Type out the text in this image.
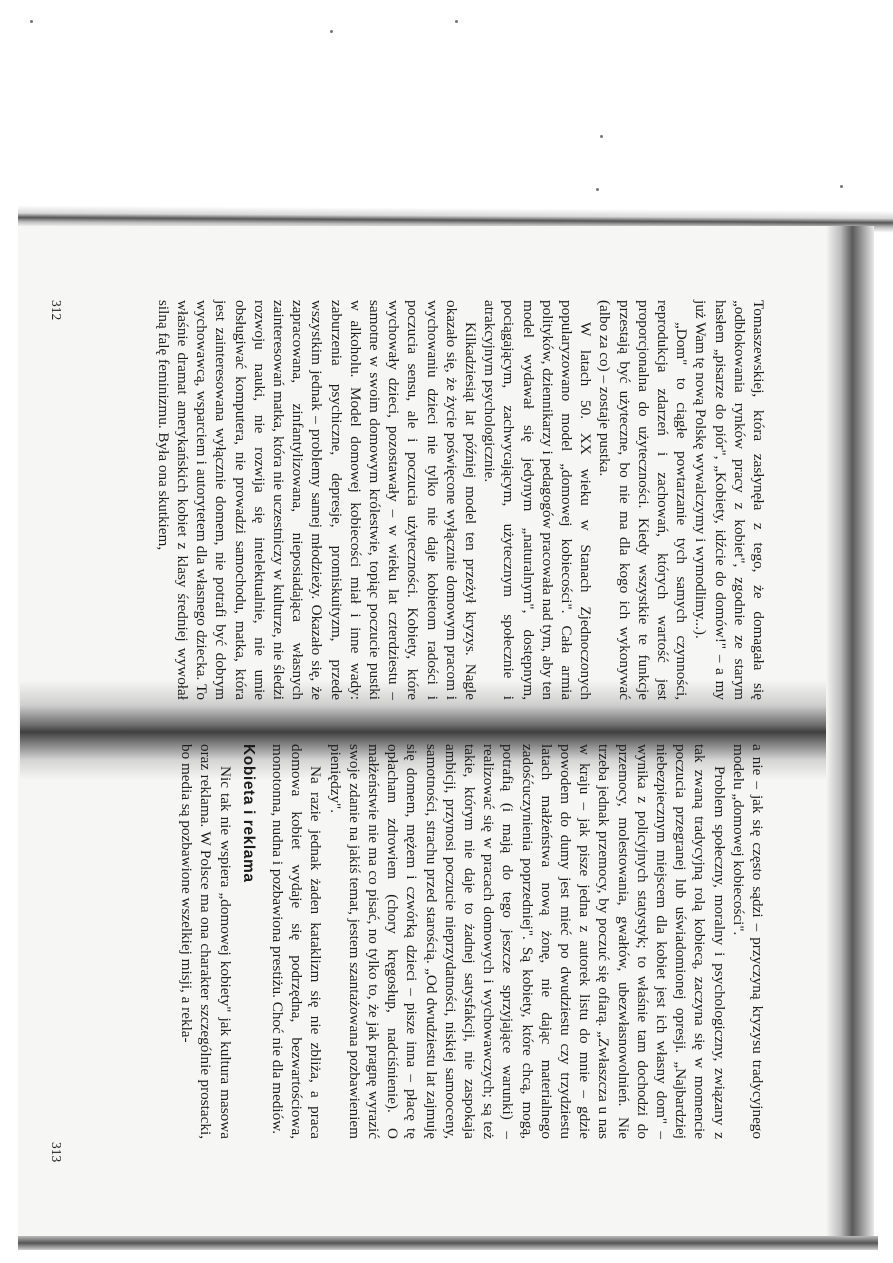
Tomaszewskiej, która zasłynęła z tego, że domagała się „odblokowania rynków pracy z kobiet", zgodnie ze starym hasłem „pisarze do piór", „Kobiety, idźcie do domów!" – a my już Wam tę nową Polskę wywalczymy i wymodlimy...).

„Dom" to ciągłe powtarzanie tych samych czynności, reprodukcja zdarzeń i zachowań, których wartość jest proporcjonalna do użyteczności. Kiedy wszystkie te funkcje przestają być użyteczne, bo nie ma dla kogo ich wykonywać (albo za co) – zostaje pustka.

W latach 50. XX wieku w Stanach Zjednoczonych popularyzowano model „domowej kobiecości". Cała armia polityków, dziennikarzy i pedagogów pracowała nad tym, aby ten model wydawał się jedynym „naturalnym", dostępnym, pociągającym, zachwycającym, użytecznym społecznie i atrakcyjnym psychologicznie.

Kilkadziesiąt lat później model ten przeżył kryzys. Nagle okazało się, że życie poświęcone wyłącznie domowym pracom i wychowaniu dzieci nie tylko nie daje kobietom radości i poczucia sensu, ale i poczucia użyteczności. Kobiety, które wychowały dzieci, pozostawały – w wieku lat czterdziestu – samotne w swoim domowym królestwie, topiąc poczucie pustki w alkoholu. Model domowej kobiecości miał i inne wady: zaburzenia psychiczne, depresje, promiskuityzm, przede wszystkim jednak – problemy samej młodzieży. Okazało się, że zapracowana, zinfantylizowana, nieposiadająca własnych zainteresowań matka, która nie uczestniczy w kulturze, nie śledzi rozwoju nauki, nie rozwija się intelektualnie, nie umie obsługiwać komputera, nie prowadzi samochodu, matka, która jest zainteresowana wyłącznie domem, nie potrafi być dobrym wychowawcą, wsparciem i autorytetem dla własnego dziecka. To właśnie dramat amerykańskich kobiet z klasy średniej wywołał silną falę feminizmu. Była ona skutkiem,

a nie – jak się często sądzi – przyczyną kryzysu tradycyjnego modelu „domowej kobiecości".

Problem społeczny, moralny i psychologiczny, związany z tak zwaną tradycyjną rolą kobiecą, zaczyna się w momencie poczucia przegranej lub uświadomionej opresji. „Najbardziej niebezpiecznym miejscem dla kobiet jest ich własny dom" – wynika z policyjnych statystyk; to właśnie tam dochodzi do przemocy, molestowania, gwałtów, ubezwłasnowolnień. Nie trzeba jednak przemocy, by poczuć się ofiarą. „Zwłaszcza u nas w kraju – jak pisze jedna z autorek listu do mnie – gdzie powodem do dumy jest mieć po dwudziestu czy trzydziestu latach małżeństwa nową żonę, nie dając materialnego zadośćuczynienia poprzedniej". Są kobiety, które chcą, mogą, potrafią (i mają do tego jeszcze sprzyjające warunki) – realizować się w pracach domowych i wychowawczych; są też takie, którym nie daje to żadnej satysfakcji, nie zaspokaja ambicji, przynosi poczucie nieprzydatności, niskiej samooceny, samotności, strachu przed starością. „Od dwudziestu lat zajmuję się domem, mężem i czwórką dzieci – pisze inna – płacę tę opłacham zdrowiem (chory kręgosłup, nadciśnienie). O małżeństwie nie ma co pisać, no tylko to, że jak pragnę wyrazić swoje zdanie na jakiś temat, jestem szantażowana pozbawieniem pieniędzy".

Na razie jednak żaden kataklizm się nie zbliża, a praca domowa kobiet wydaje się podrzędna, bezwartościowa, monotonna, nudna i pozbawiona prestiżu. Choć nie dla mediów.

Kobieta i reklama

Nic tak nie wspiera „domowej kobiety" jak kultura masowa oraz reklama. W Polsce ma ona charakter szczególnie prostacki, bo media są pozbawione wszelkiej misji, a rekla-

312
313
